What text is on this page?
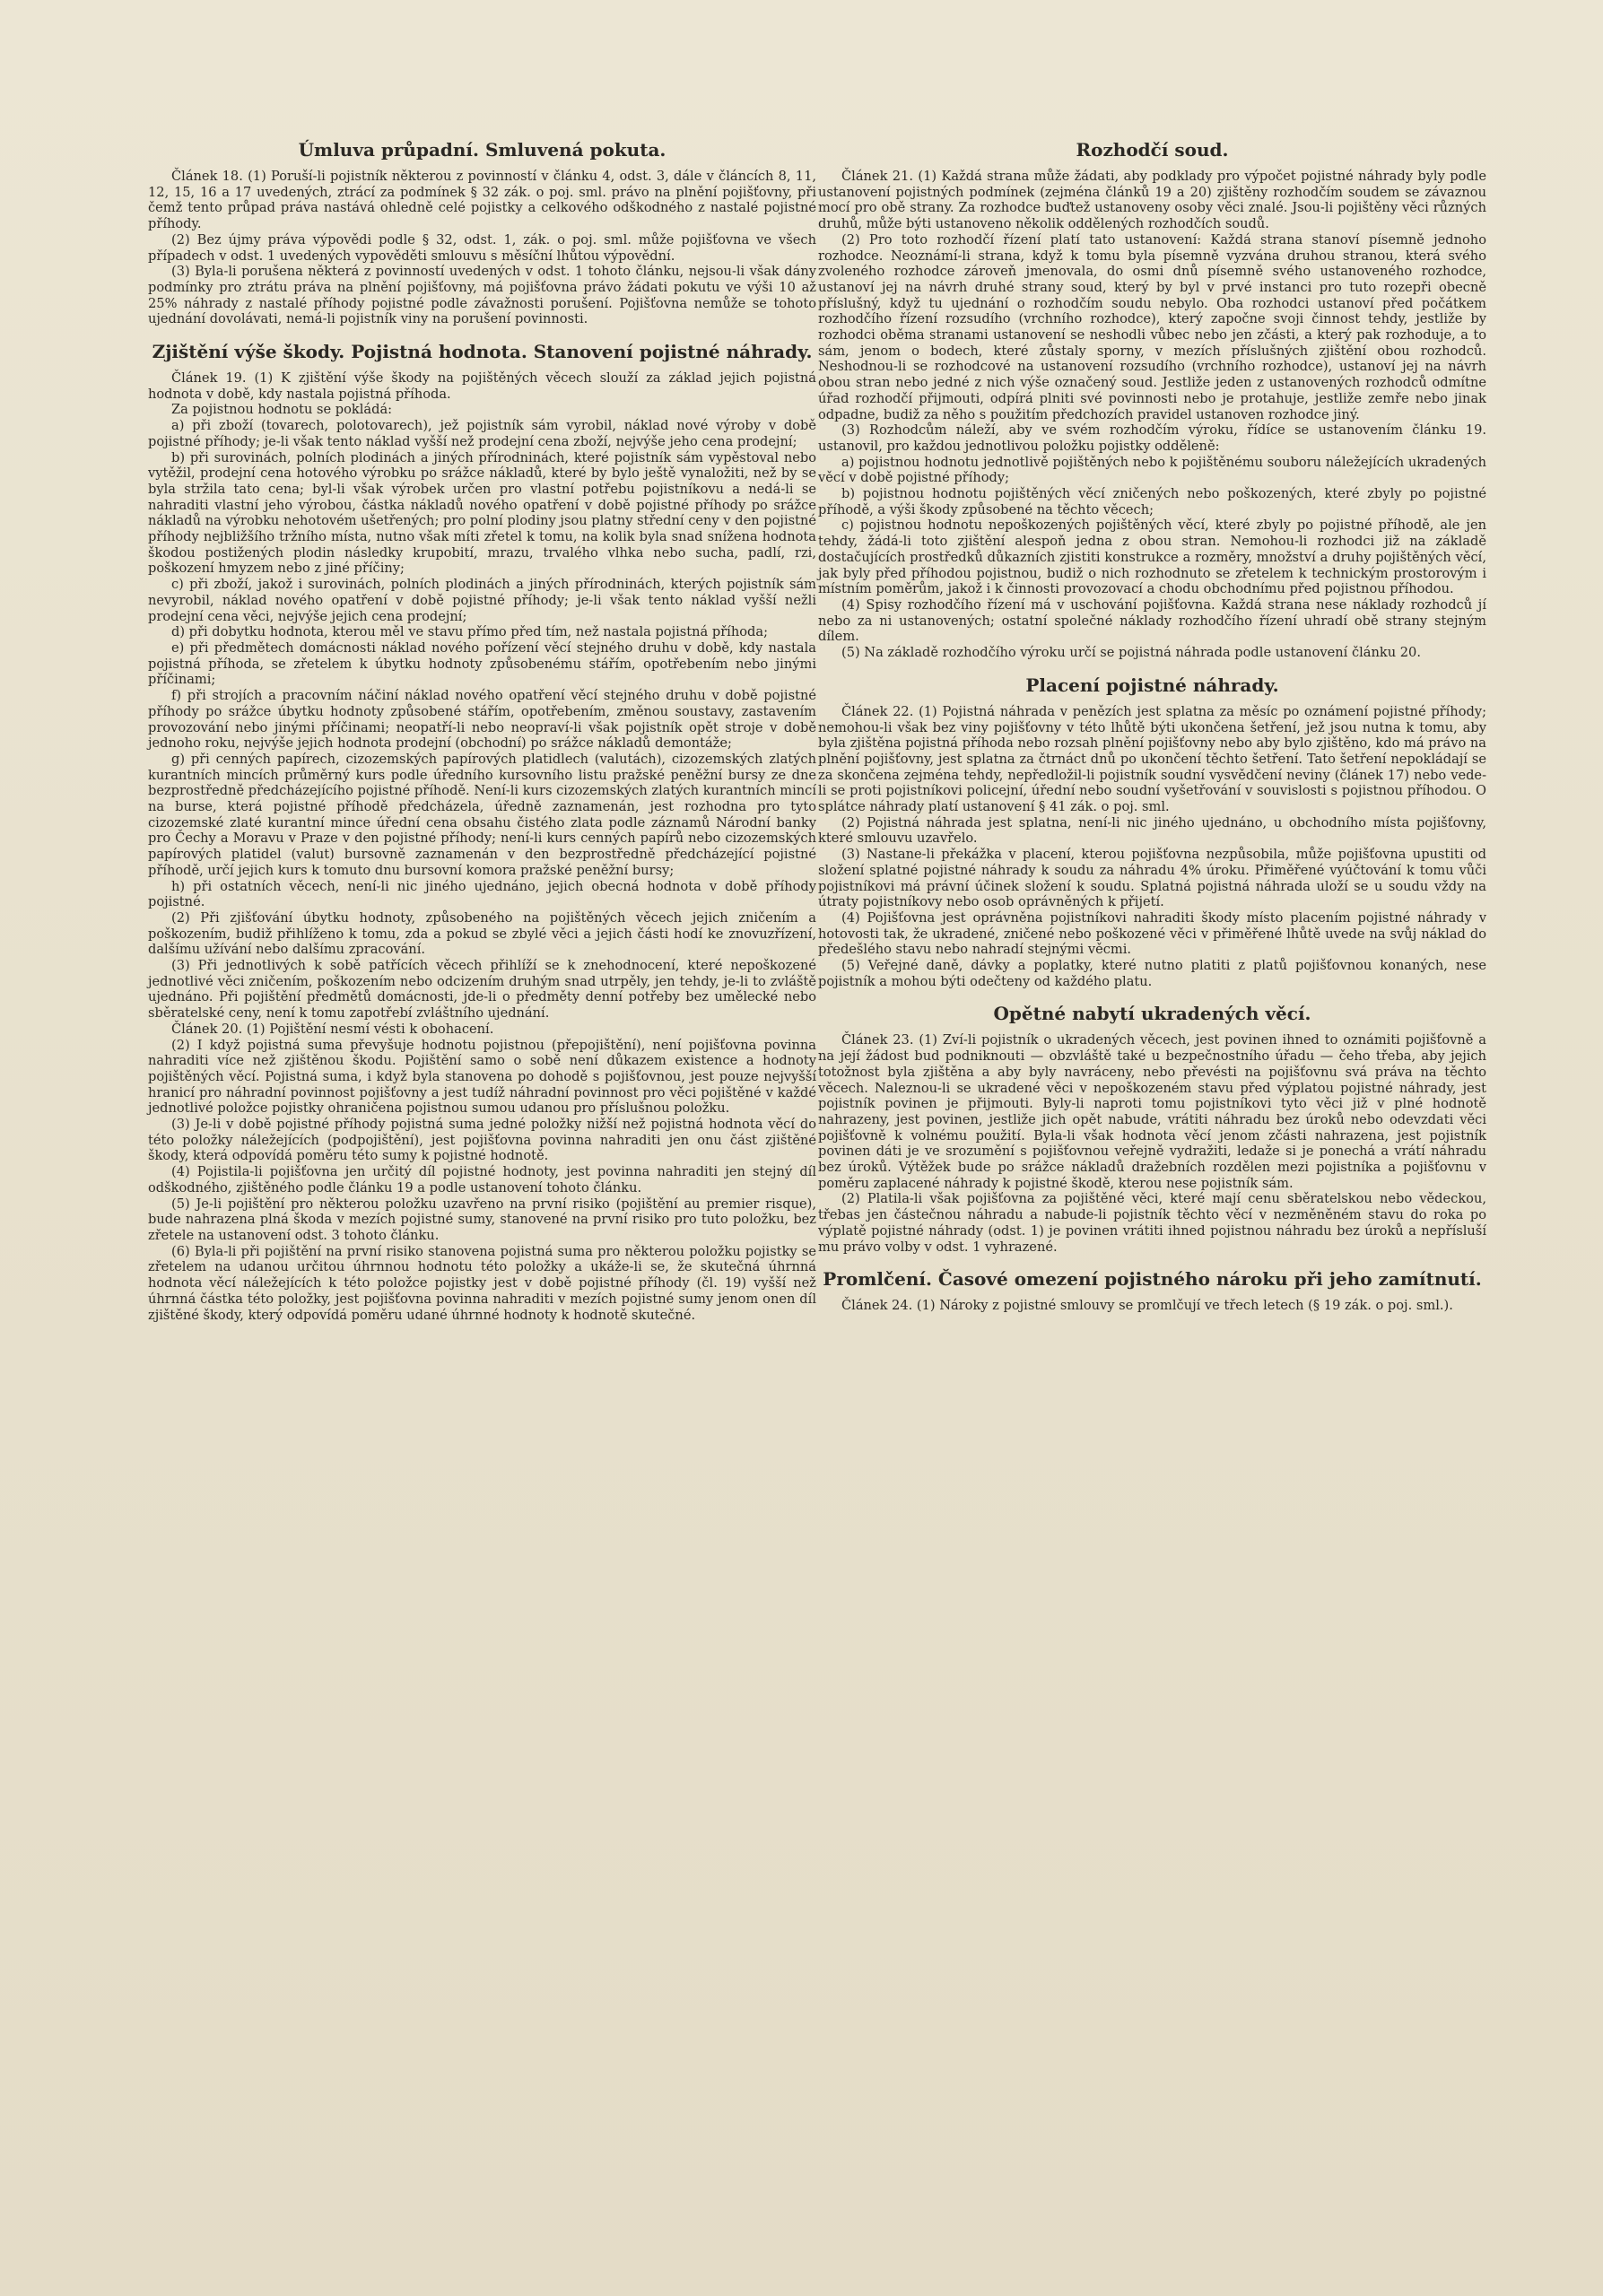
Úmluva průpadní. Smluvená pokuta.

Článek 18. (1) Poruší-li pojistník některou z povinností v článku 4, odst. 3, dále v článcích 8, 11, 12, 15, 16 a 17 uvedených, ztrácí za podmínek § 32 zák. o poj. sml. právo na plnění pojišťovny, při čemž tento průpad práva nastává ohledně celé pojistky a celkového odškodného z nastalé pojistné příhody.

(2) Bez újmy práva výpovědi podle § 32, odst. 1, zák. o poj. sml. může pojišťovna ve všech případech v odst. 1 uvedených vypověděti smlouvu s měsíční lhůtou výpovědní.

(3) Byla-li porušena některá z povinností uvedených v odst. 1 tohoto článku, nejsou-li však dány podmínky pro ztrátu práva na plnění pojišťovny, má pojišťovna právo žádati pokutu ve výši 10 až 25% náhrady z nastalé příhody pojistné podle závažnosti porušení. Pojišťovna nemůže se tohoto ujednání dovolávati, nemá-li pojistník viny na porušení povinnosti.

Zjištění výše škody. Pojistná hodnota. Stanovení pojistné náhrady.

Článek 19. (1) K zjištění výše škody na pojištěných věcech slouží za základ jejich pojistná hodnota v době, kdy nastala pojistná příhoda.

Za pojistnou hodnotu se pokládá:

a) při zboží (tovarech, polotovarech), jež pojistník sám vyrobil, náklad nové výroby v době pojistné příhody; je-li však tento náklad vyšší než prodejní cena zboží, nejvýše jeho cena prodejní;

b) při surovinách, polních plodinách a jiných přírodninách, které pojistník sám vypěstoval nebo vytěžil, prodejní cena hotového výrobku po srážce nákladů, které by bylo ještě vynaložiti, než by se byla stržila tato cena; byl-li však výrobek určen pro vlastní potřebu pojistníkovu a nedá-li se nahraditi vlastní jeho výrobou, částka nákladů nového opatření v době pojistné příhody po srážce nákladů na výrobku nehotovém ušetřených; pro polní plodiny jsou platny střední ceny v den pojistné příhody nejbližšího tržního místa, nutno však míti zřetel k tomu, na kolik byla snad snížena hodnota škodou postižených plodin následky krupobití, mrazu, trvalého vlhka nebo sucha, padlí, rzi, poškození hmyzem nebo z jiné příčiny;

c) při zboží, jakož i surovinách, polních plodinách a jiných přírodninách, kterých pojistník sám nevyrobil, náklad nového opatření v době pojistné příhody; je-li však tento náklad vyšší nežli prodejní cena věci, nejvýše jejich cena prodejní;

d) při dobytku hodnota, kterou měl ve stavu přímo před tím, než nastala pojistná příhoda;

e) při předmětech domácnosti náklad nového pořízení věcí stejného druhu v době, kdy nastala pojistná příhoda, se zřetelem k úbytku hodnoty způsobenému stářím, opotřebením nebo jinými příčinami;

f) při strojích a pracovním náčiní náklad nového opatření věcí stejného druhu v době pojistné příhody po srážce úbytku hodnoty způsobené stářím, opotřebením, změnou soustavy, zastavením provozování nebo jinými příčinami; neopatří-li nebo neopraví-li však pojistník opět stroje v době jednoho roku, nejvýše jejich hodnota prodejní (obchodní) po srážce nákladů demontáže;

g) při cenných papírech, cizozemských papírových platidlech (valutách), cizozemských zlatých kurantních mincích průměrný kurs podle úředního kursovního listu pražské peněžní bursy ze dne bezprostředně předcházejícího pojistné příhodě. Není-li kurs cizozemských zlatých kurantních mincí na burse, která pojistné příhodě předcházela, úředně zaznamenán, jest rozhodna pro tyto cizozemské zlaté kurantní mince úřední cena obsahu čistého zlata podle záznamů Národní banky pro Čechy a Moravu v Praze v den pojistné příhody; není-li kurs cenných papírů nebo cizozemských papírových platidel (valut) bursovně zaznamenán v den bezprostředně předcházející pojistné příhodě, určí jejich kurs k tomuto dnu bursovní komora pražské peněžní bursy;

h) při ostatních věcech, není-li nic jiného ujednáno, jejich obecná hodnota v době příhody pojistné.

(2) Při zjišťování úbytku hodnoty, způsobeného na pojištěných věcech jejich zničením a poškozením, budiž přihlíženo k tomu, zda a pokud se zbylé věci a jejich části hodí ke znovuzřízení, dalšímu užívání nebo dalšímu zpracování.

(3) Při jednotlivých k sobě patřících věcech přihlíží se k znehodnocení, které nepoškozené jednotlivé věci zničením, poškozením nebo odcizením druhým snad utrpěly, jen tehdy, je-li to zvláště ujednáno. Při pojištění předmětů domácnosti, jde-li o předměty denní potřeby bez umělecké nebo sběratelské ceny, není k tomu zapotřebí zvláštního ujednání.

Článek 20. (1) Pojištění nesmí vésti k obohacení.

(2) I když pojistná suma převyšuje hodnotu pojistnou (přepojištění), není pojišťovna povinna nahraditi více než zjištěnou škodu. Pojištění samo o sobě není důkazem existence a hodnoty pojištěných věcí. Pojistná suma, i když byla stanovena po dohodě s pojišťovnou, jest pouze nejvyšší hranicí pro náhradní povinnost pojišťovny a jest tudíž náhradní povinnost pro věci pojištěné v každé jednotlivé položce pojistky ohraničena pojistnou sumou udanou pro příslušnou položku.

(3) Je-li v době pojistné příhody pojistná suma jedné položky nižší než pojistná hodnota věcí do této položky náležejících (podpojištění), jest pojišťovna povinna nahraditi jen onu část zjištěné škody, která odpovídá poměru této sumy k pojistné hodnotě.

(4) Pojistila-li pojišťovna jen určitý díl pojistné hodnoty, jest povinna nahraditi jen stejný díl odškodného, zjištěného podle článku 19 a podle ustanovení tohoto článku.

(5) Je-li pojištění pro některou položku uzavřeno na první risiko (pojištění au premier risque), bude nahrazena plná škoda v mezích pojistné sumy, stanovené na první risiko pro tuto položku, bez zřetele na ustanovení odst. 3 tohoto článku.

(6) Byla-li při pojištění na první risiko stanovena pojistná suma pro některou položku pojistky se zřetelem na udanou určitou úhrnnou hodnotu této položky a ukáže-li se, že skutečná úhrnná hodnota věcí náležejících k této položce pojistky jest v době pojistné příhody (čl. 19) vyšší než úhrnná částka této položky, jest pojišťovna povinna nahraditi v mezích pojistné sumy jenom onen díl zjištěné škody, který odpovídá poměru udané úhrnné hodnoty k hodnotě skutečné.

Rozhodčí soud.

Článek 21. (1) Každá strana může žádati, aby podklady pro výpočet pojistné náhrady byly podle ustanovení pojistných podmínek (zejména článků 19 a 20) zjištěny rozhodčím soudem se závaznou mocí pro obě strany. Za rozhodce buďtež ustanoveny osoby věci znalé. Jsou-li pojištěny věci různých druhů, může býti ustanoveno několik oddělených rozhodčích soudů.

(2) Pro toto rozhodčí řízení platí tato ustanovení: Každá strana stanoví písemně jednoho rozhodce. Neoznámí-li strana, když k tomu byla písemně vyzvána druhou stranou, která svého zvoleného rozhodce zároveň jmenovala, do osmi dnů písemně svého ustanoveného rozhodce, ustanoví jej na návrh druhé strany soud, který by byl v prvé instanci pro tuto rozepři obecně příslušný, když tu ujednání o rozhodčím soudu nebylo. Oba rozhodci ustanoví před počátkem rozhodčího řízení rozsudího (vrchního rozhodce), který započne svoji činnost tehdy, jestliže by rozhodci oběma stranami ustanovení se neshodli vůbec nebo jen zčásti, a který pak rozhoduje, a to sám, jenom o bodech, které zůstaly sporny, v mezích příslušných zjištění obou rozhodců. Neshodnou-li se rozhodcové na ustanovení rozsudího (vrchního rozhodce), ustanoví jej na návrh obou stran nebo jedné z nich výše označený soud. Jestliže jeden z ustanovených rozhodců odmítne úřad rozhodčí přijmouti, odpírá plniti své povinnosti nebo je protahuje, jestliže zemře nebo jinak odpadne, budiž za něho s použitím předchozích pravidel ustanoven rozhodce jiný.

(3) Rozhodcům náleží, aby ve svém rozhodčím výroku, řídíce se ustanovením článku 19. ustanovil, pro každou jednotlivou položku pojistky odděleně:

a) pojistnou hodnotu jednotlivě pojištěných nebo k pojištěnému souboru náležejících ukradených věcí v době pojistné příhody;

b) pojistnou hodnotu pojištěných věcí zničených nebo poškozených, které zbyly po pojistné příhodě, a výši škody způsobené na těchto věcech;

c) pojistnou hodnotu nepoškozených pojištěných věcí, které zbyly po pojistné příhodě, ale jen tehdy, žádá-li toto zjištění alespoň jedna z obou stran. Nemohou-li rozhodci již na základě dostačujících prostředků důkazních zjistiti konstrukce a rozměry, množství a druhy pojištěných věcí, jak byly před příhodou pojistnou, budiž o nich rozhodnuto se zřetelem k technickým prostorovým i místním poměrům, jakož i k činnosti provozovací a chodu obchodnímu před pojistnou příhodou.

(4) Spisy rozhodčího řízení má v uschování pojišťovna. Každá strana nese náklady rozhodců jí nebo za ni ustanovených; ostatní společné náklady rozhodčího řízení uhradí obě strany stejným dílem.

(5) Na základě rozhodčího výroku určí se pojistná náhrada podle ustanovení článku 20.

Placení pojistné náhrady.

Článek 22. (1) Pojistná náhrada v penězích jest splatna za měsíc po oznámení pojistné příhody; nemohou-li však bez viny pojišťovny v této lhůtě býti ukončena šetření, jež jsou nutna k tomu, aby byla zjištěna pojistná příhoda nebo rozsah plnění pojišťovny nebo aby bylo zjištěno, kdo má právo na plnění pojišťovny, jest splatna za čtrnáct dnů po ukončení těchto šetření. Tato šetření nepokládají se za skončena zejména tehdy, nepředložil-li pojistník soudní vysvědčení neviny (článek 17) nebo vede-li se proti pojistníkovi policejní, úřední nebo soudní vyšetřování v souvislosti s pojistnou příhodou. O splátce náhrady platí ustanovení § 41 zák. o poj. sml.

(2) Pojistná náhrada jest splatna, není-li nic jiného ujednáno, u obchodního místa pojišťovny, které smlouvu uzavřelo.

(3) Nastane-li překážka v placení, kterou pojišťovna nezpůsobila, může pojišťovna upustiti od složení splatné pojistné náhrady k soudu za náhradu 4% úroku. Přiměřené vyúčtování k tomu vůči pojistníkovi má právní účinek složení k soudu. Splatná pojistná náhrada uloží se u soudu vždy na útraty pojistníkovy nebo osob oprávněných k přijetí.

(4) Pojišťovna jest oprávněna pojistníkovi nahraditi škody místo placením pojistné náhrady v hotovosti tak, že ukradené, zničené nebo poškozené věci v přiměřené lhůtě uvede na svůj náklad do předešlého stavu nebo nahradí stejnými věcmi.

(5) Veřejné daně, dávky a poplatky, které nutno platiti z platů pojišťovnou konaných, nese pojistník a mohou býti odečteny od každého platu.

Opětné nabytí ukradených věcí.

Článek 23. (1) Zví-li pojistník o ukradených věcech, jest povinen ihned to oznámiti pojišťovně a na její žádost bud podniknouti — obzvláště také u bezpečnostního úřadu — čeho třeba, aby jejich totožnost byla zjištěna a aby byly navráceny, nebo převésti na pojišťovnu svá práva na těchto věcech. Naleznou-li se ukradené věci v nepoškozeném stavu před výplatou pojistné náhrady, jest pojistník povinen je přijmouti. Byly-li naproti tomu pojistníkovi tyto věci již v plné hodnotě nahrazeny, jest povinen, jestliže jich opět nabude, vrátiti náhradu bez úroků nebo odevzdati věci pojišťovně k volnému použití. Byla-li však hodnota věcí jenom zčásti nahrazena, jest pojistník povinen dáti je ve srozumění s pojišťovnou veřejně vydražiti, ledaže si je ponechá a vrátí náhradu bez úroků. Výtěžek bude po srážce nákladů dražebních rozdělen mezi pojistníka a pojišťovnu v poměru zaplacené náhrady k pojistné škodě, kterou nese pojistník sám.

(2) Platila-li však pojišťovna za pojištěné věci, které mají cenu sběratelskou nebo vědeckou, třebas jen částečnou náhradu a nabude-li pojistník těchto věcí v nezměněném stavu do roka po výplatě pojistné náhrady (odst. 1) je povinen vrátiti ihned pojistnou náhradu bez úroků a nepřísluší mu právo volby v odst. 1 vyhrazené.

Promlčení. Časové omezení pojistného nároku při jeho zamítnutí.

Článek 24. (1) Nároky z pojistné smlouvy se promlčují ve třech letech (§ 19 zák. o poj. sml.).
